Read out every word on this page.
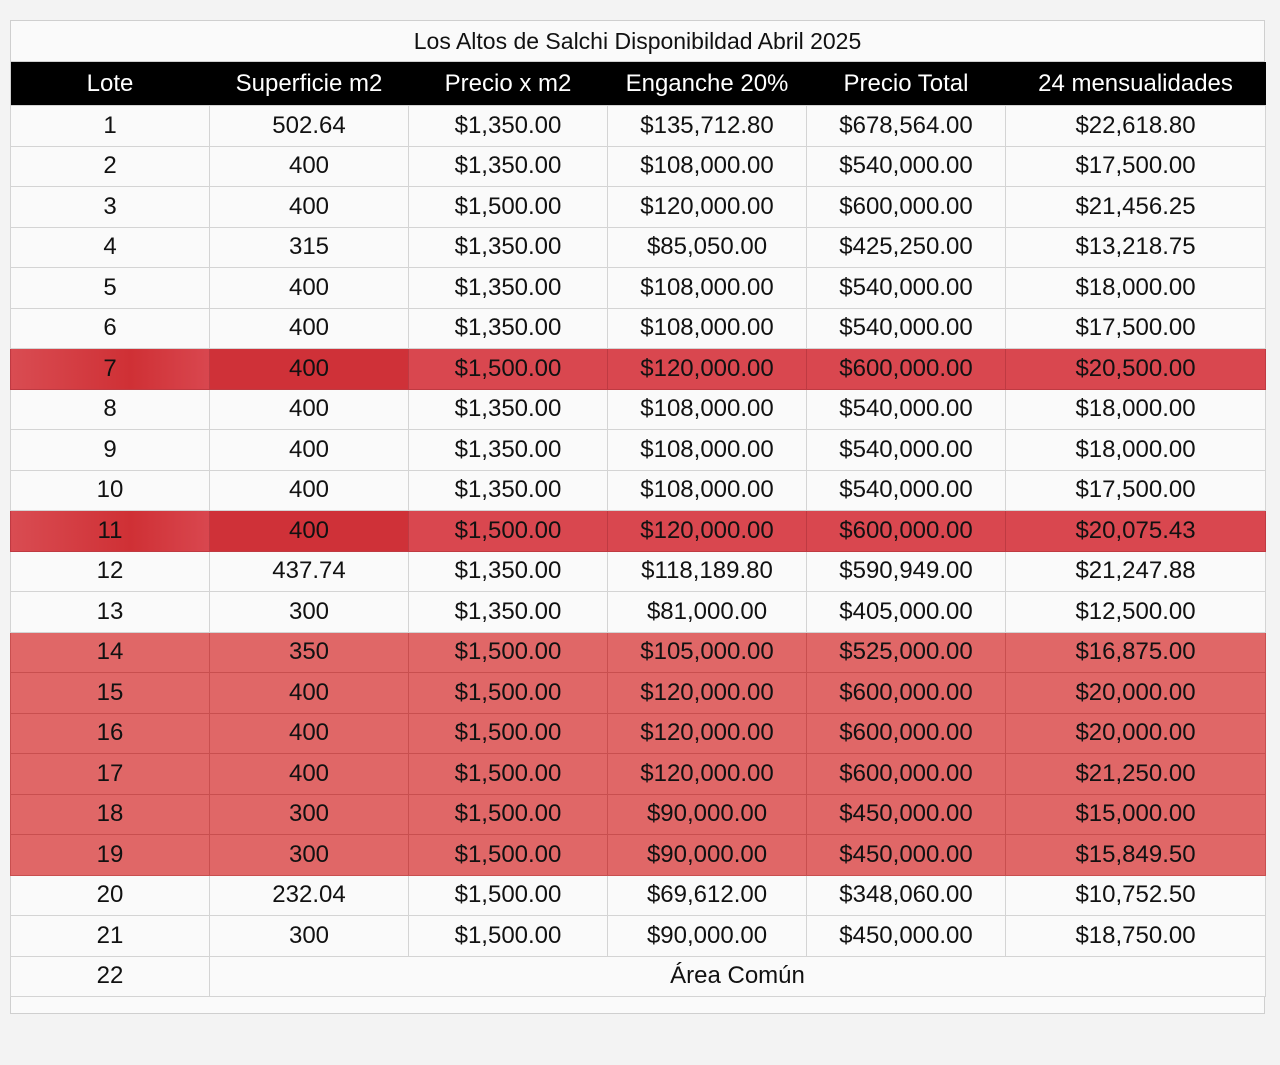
Los Altos de Salchi Disponibildad Abril 2025
Lote	Superficie m2	Precio x m2	Enganche 20%	Precio Total	24 mensualidades
1	502.64	$1,350.00	$135,712.80	$678,564.00	$22,618.80
2	400	$1,350.00	$108,000.00	$540,000.00	$17,500.00
3	400	$1,500.00	$120,000.00	$600,000.00	$21,456.25
4	315	$1,350.00	$85,050.00	$425,250.00	$13,218.75
5	400	$1,350.00	$108,000.00	$540,000.00	$18,000.00
6	400	$1,350.00	$108,000.00	$540,000.00	$17,500.00
7	400	$1,500.00	$120,000.00	$600,000.00	$20,500.00
8	400	$1,350.00	$108,000.00	$540,000.00	$18,000.00
9	400	$1,350.00	$108,000.00	$540,000.00	$18,000.00
10	400	$1,350.00	$108,000.00	$540,000.00	$17,500.00
11	400	$1,500.00	$120,000.00	$600,000.00	$20,075.43
12	437.74	$1,350.00	$118,189.80	$590,949.00	$21,247.88
13	300	$1,350.00	$81,000.00	$405,000.00	$12,500.00
14	350	$1,500.00	$105,000.00	$525,000.00	$16,875.00
15	400	$1,500.00	$120,000.00	$600,000.00	$20,000.00
16	400	$1,500.00	$120,000.00	$600,000.00	$20,000.00
17	400	$1,500.00	$120,000.00	$600,000.00	$21,250.00
18	300	$1,500.00	$90,000.00	$450,000.00	$15,000.00
19	300	$1,500.00	$90,000.00	$450,000.00	$15,849.50
20	232.04	$1,500.00	$69,612.00	$348,060.00	$10,752.50
21	300	$1,500.00	$90,000.00	$450,000.00	$18,750.00
22	Área Común				
